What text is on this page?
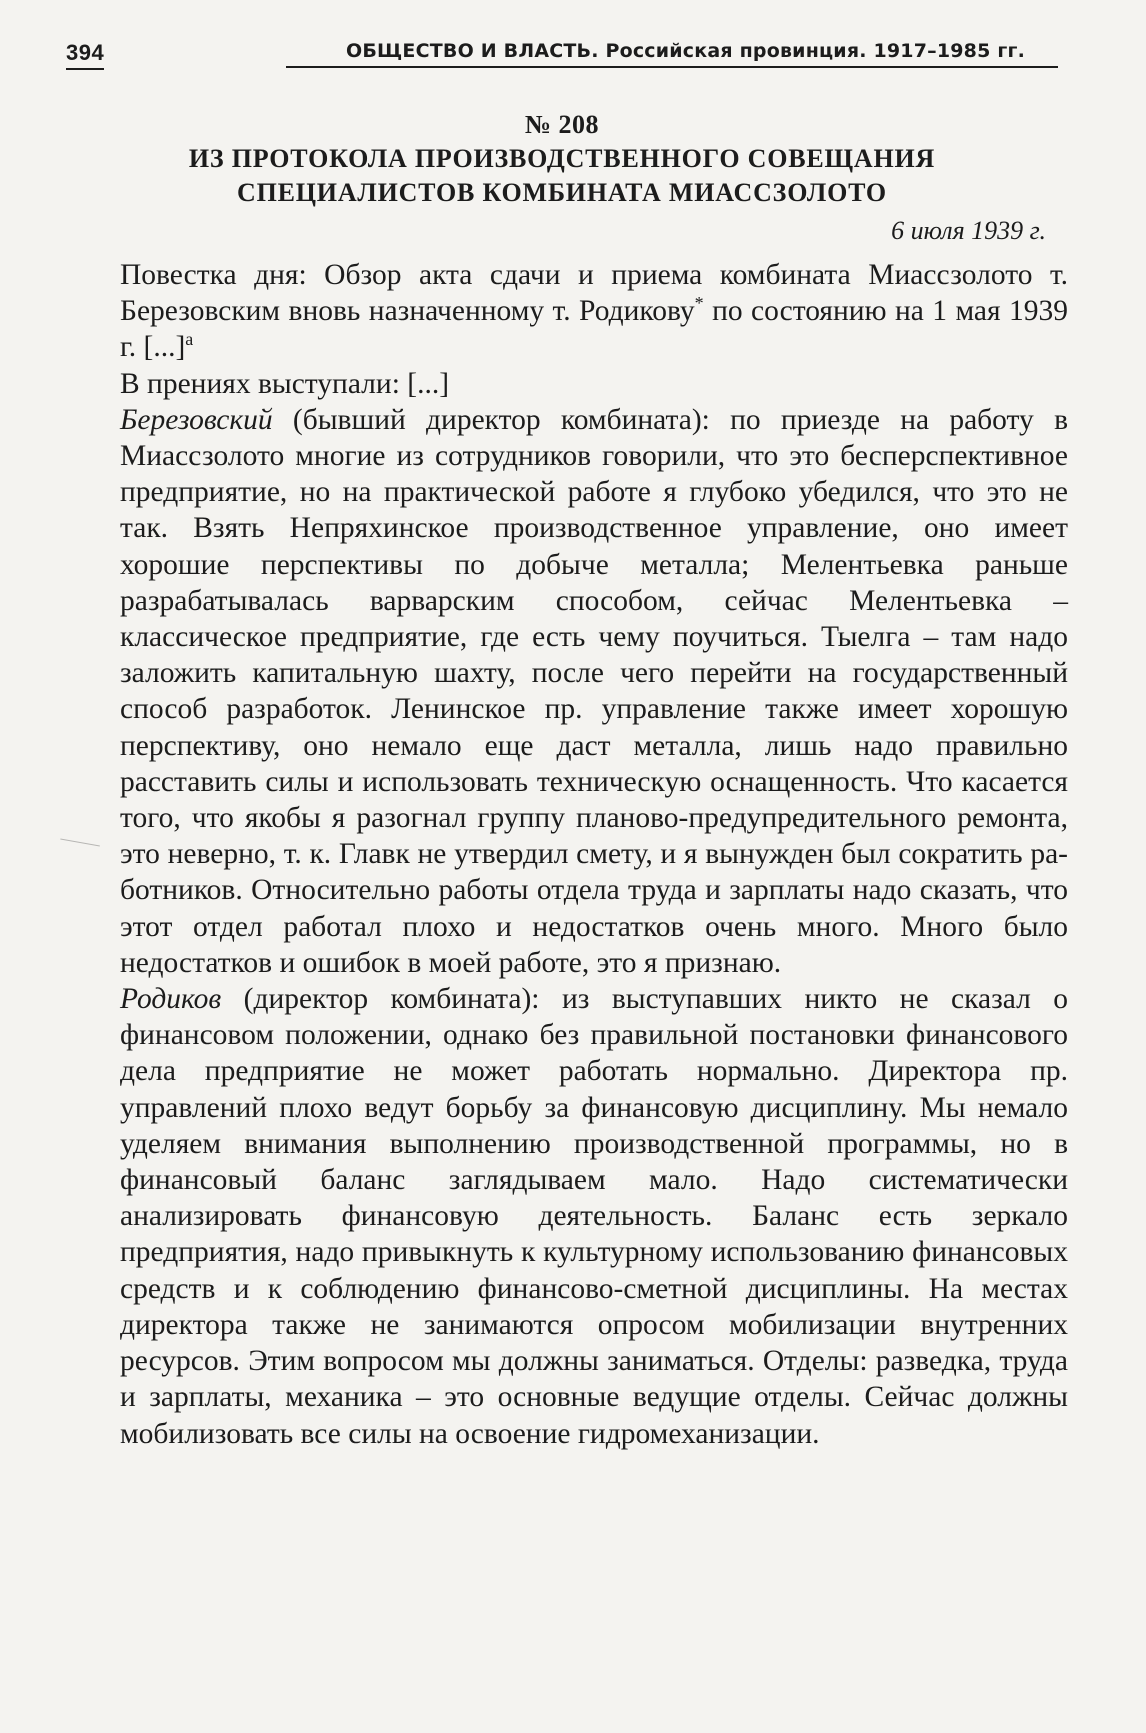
394	ОБЩЕСТВО И ВЛАСТЬ. Российская провинция. 1917–1985 гг.
№ 208
ИЗ ПРОТОКОЛА ПРОИЗВОДСТВЕННОГО СОВЕЩАНИЯ
СПЕЦИАЛИСТОВ КОМБИНАТА МИАССЗОЛОТО
6 июля 1939 г.

Повестка дня: Обзор акта сдачи и приема комбината Миассзолото т. Березовским вновь назначенному т. Родикову* по состоянию на 1 мая 1939 г. [...]$^а$

В прениях выступали: [...]

Березовский (бывший директор комбината): по приезде на работу в Миассзолото многие из сотрудников говорили, что это бесперспективное предприятие, но на практической работе я глубоко убедился, что это не так. Взять Непряхинское производственное управление, оно имеет хорошие перспективы по добыче металла; Мелентьевка раньше разрабатывалась варварским способом, сейчас Мелентьевка – классическое предприятие, где есть чему поучиться. Тыелга – там надо заложить капитальную шахту, после чего перейти на государственный способ разработок. Ленинское пр. управление также имеет хорошую перспективу, оно немало еще даст металла, лишь надо правильно расставить силы и использовать техническую оснащенность. Что касается того, что якобы я разогнал группу планово-предупредительного ремонта, это неверно, т. к. Главк не утвердил смету, и я вынужден был сократить работников. Относительно работы отдела труда и зарплаты надо сказать, что этот отдел работал плохо и недостатков очень много. Много было недостатков и ошибок в моей работе, это я признаю.

Родиков (директор комбината): из выступавших никто не сказал о финансовом положении, однако без правильной постановки финансового дела предприятие не может работать нормально. Директора пр. управлений плохо ведут борьбу за финансовую дисциплину. Мы немало уделяем внимания выполнению производственной программы, но в финансовый баланс заглядываем мало. Надо систематически анализировать финансовую деятельность. Баланс есть зеркало предприятия, надо привыкнуть к культурному использованию финансовых средств и к соблюдению финансово-сметной дисциплины. На местах директора также не занимаются опросом мобилизации внутренних ресурсов. Этим вопросом мы должны заниматься. Отделы: разведка, труда и зарплаты, механика – это основные ведущие отделы. Сейчас должны мобилизовать все силы на освоение гидромеханизации.
